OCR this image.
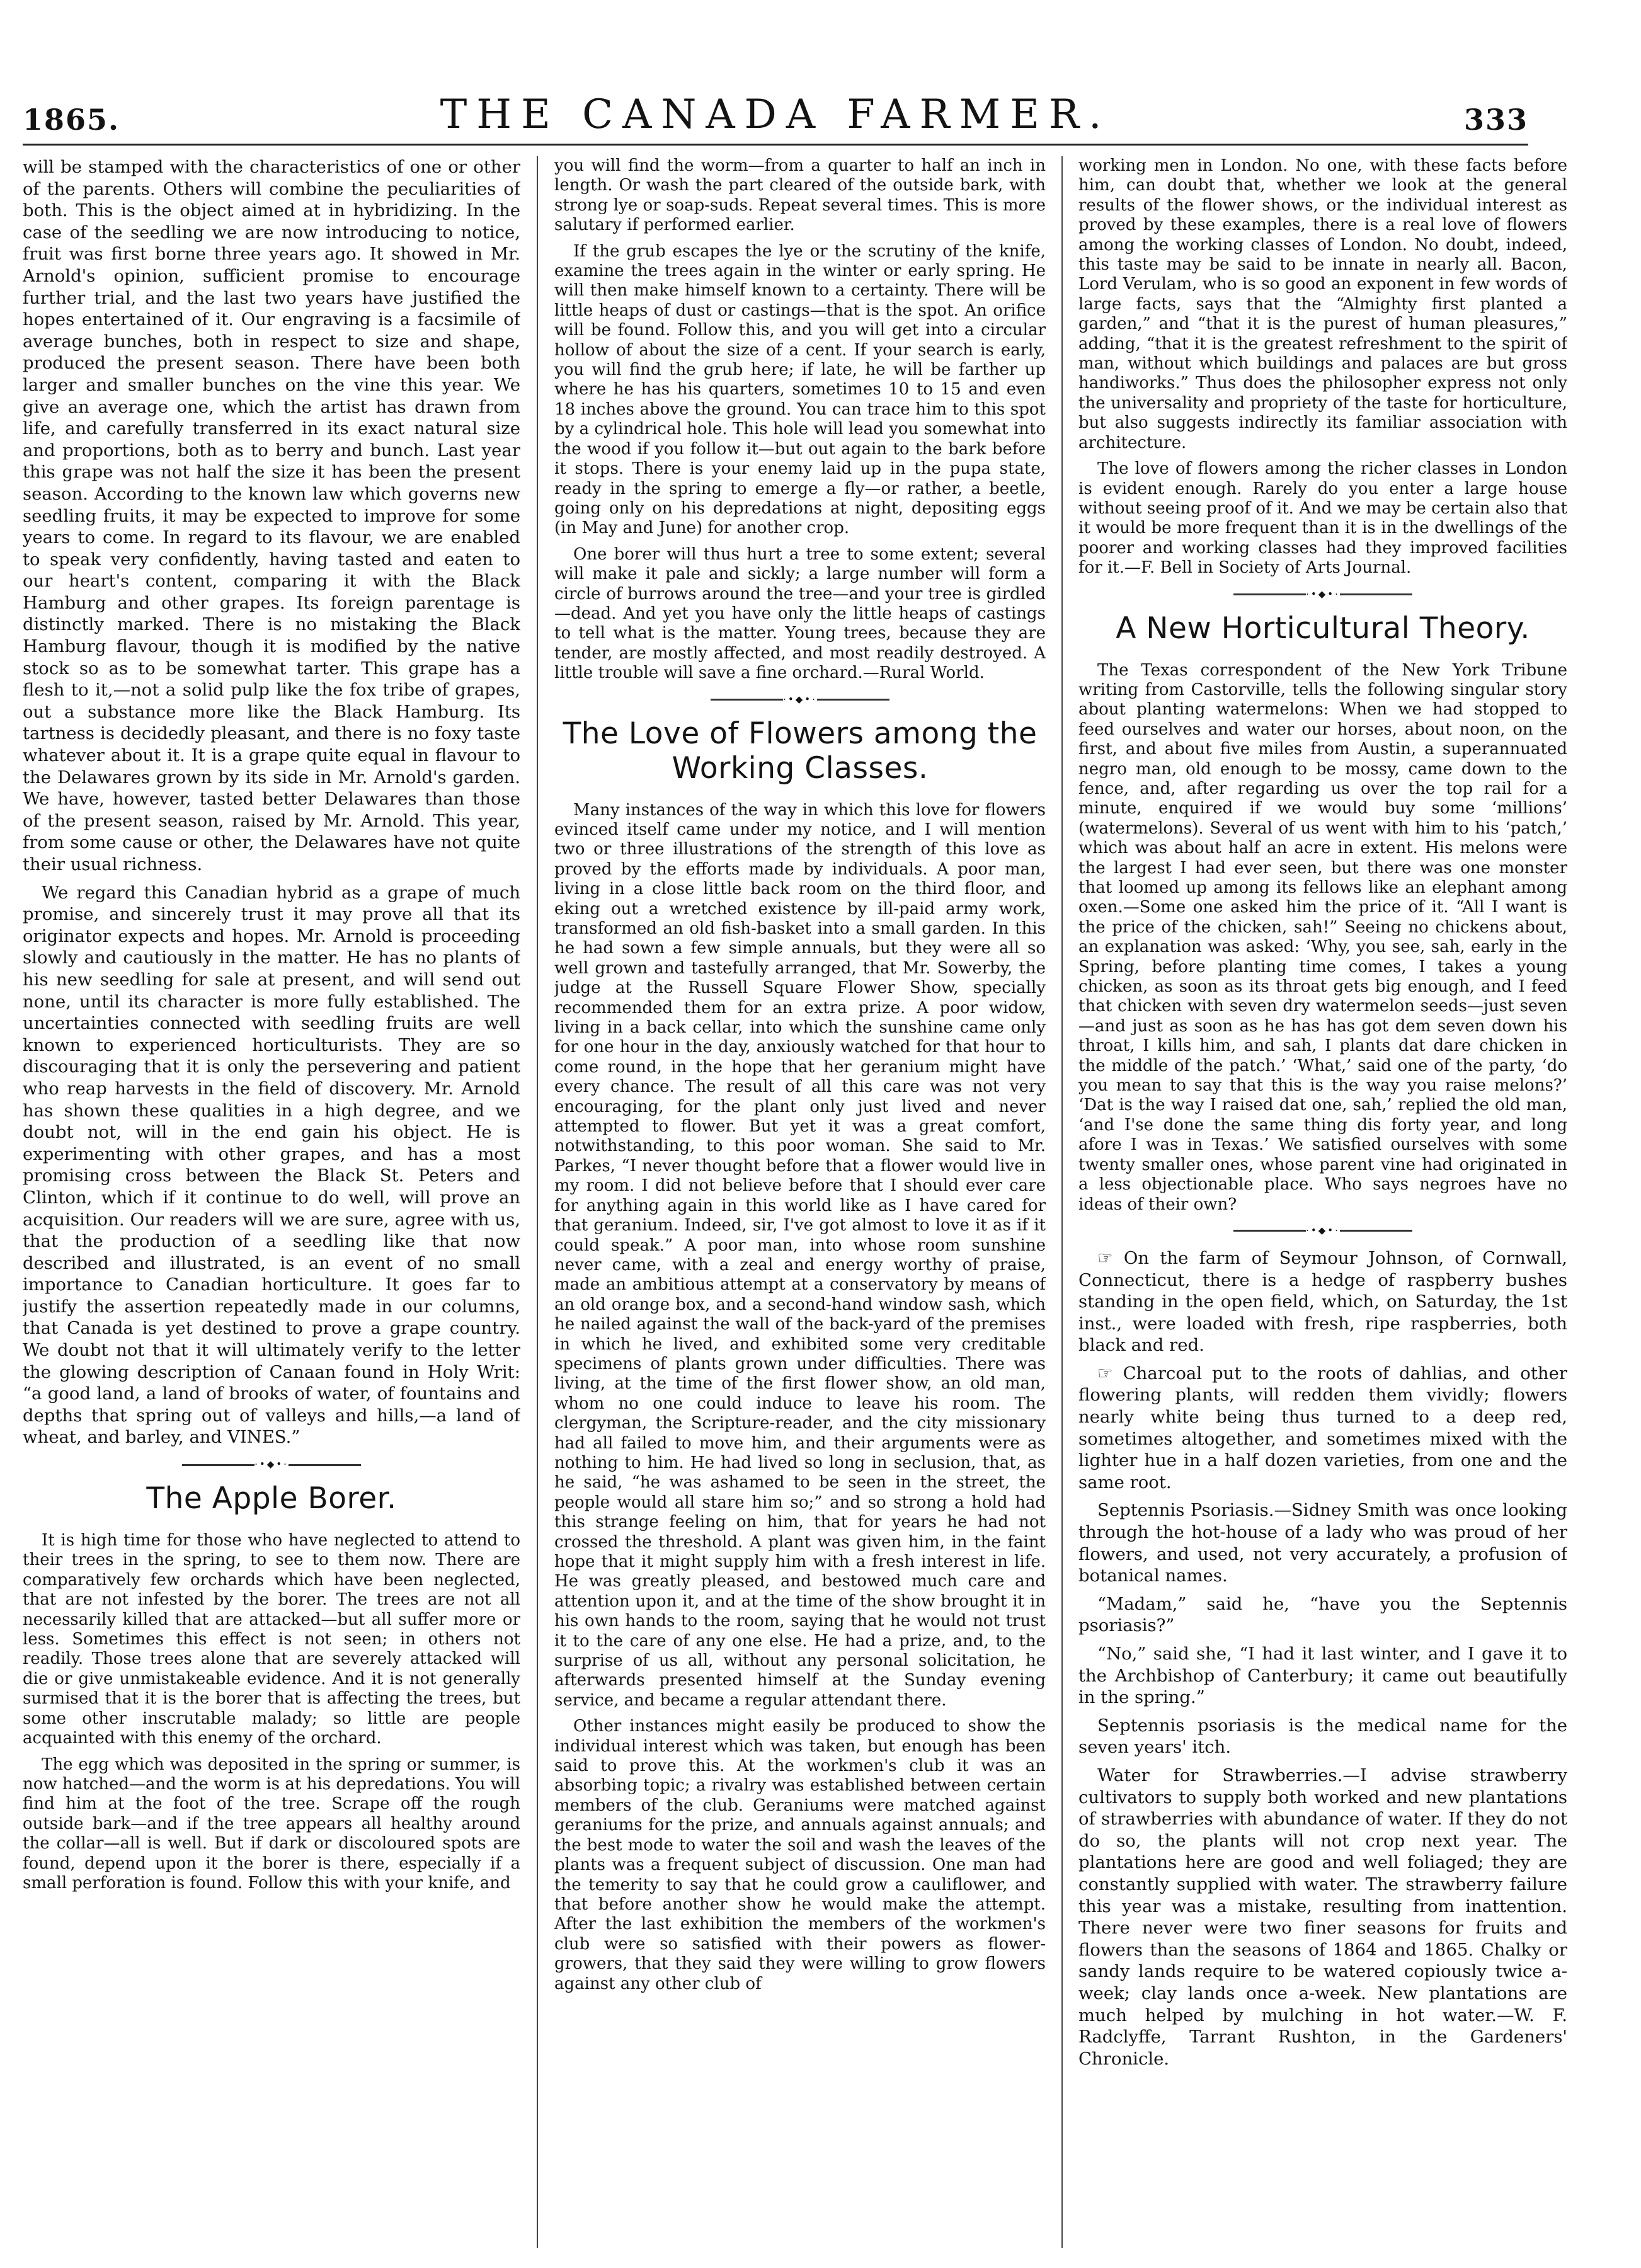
1865.	THE CANADA FARMER.	333

will be stamped with the characteristics of one or other of the parents. Others will combine the peculiarities of both. This is the object aimed at in hybridizing. In the case of the seedling we are now introducing to notice, fruit was first borne three years ago. It showed in Mr. Arnold's opinion, sufficient promise to encourage further trial, and the last two years have justified the hopes entertained of it. Our engraving is a facsimile of average bunches, both in respect to size and shape, produced the present season. There have been both larger and smaller bunches on the vine this year. We give an average one, which the artist has drawn from life, and carefully transferred in its exact natural size and proportions, both as to berry and bunch. Last year this grape was not half the size it has been the present season. According to the known law which governs new seedling fruits, it may be expected to improve for some years to come. In regard to its flavour, we are enabled to speak very confidently, having tasted and eaten to our heart's content, comparing it with the Black Hamburg and other grapes. Its foreign parentage is distinctly marked. There is no mistaking the Black Hamburg flavour, though it is modified by the native stock so as to be somewhat tarter. This grape has a flesh to it,—not a solid pulp like the fox tribe of grapes, out a substance more like the Black Hamburg. Its tartness is decidedly pleasant, and there is no foxy taste whatever about it. It is a grape quite equal in flavour to the Delawares grown by its side in Mr. Arnold's garden. We have, however, tasted better Delawares than those of the present season, raised by Mr. Arnold. This year, from some cause or other, the Delawares have not quite their usual richness.

We regard this Canadian hybrid as a grape of much promise, and sincerely trust it may prove all that its originator expects and hopes. Mr. Arnold is proceeding slowly and cautiously in the matter. He has no plants of his new seedling for sale at present, and will send out none, until its character is more fully established. The uncertainties connected with seedling fruits are well known to experienced horticulturists. They are so discouraging that it is only the persevering and patient who reap harvests in the field of discovery. Mr. Arnold has shown these qualities in a high degree, and we doubt not, will in the end gain his object. He is experimenting with other grapes, and has a most promising cross between the Black St. Peters and Clinton, which if it continue to do well, will prove an acquisition. Our readers will we are sure, agree with us, that the production of a seedling like that now described and illustrated, is an event of no small importance to Canadian horticulture. It goes far to justify the assertion repeatedly made in our columns, that Canada is yet destined to prove a grape country. We doubt not that it will ultimately verify to the letter the glowing description of Canaan found in Holy Writ: “a good land, a land of brooks of water, of fountains and depths that spring out of valleys and hills,—a land of wheat, and barley, and VINES.”

·•◆•·
The Apple Borer.

It is high time for those who have neglected to attend to their trees in the spring, to see to them now. There are comparatively few orchards which have been neglected, that are not infested by the borer. The trees are not all necessarily killed that are attacked—but all suffer more or less. Sometimes this effect is not seen; in others not readily. Those trees alone that are severely attacked will die or give unmistakeable evidence. And it is not generally surmised that it is the borer that is affecting the trees, but some other inscrutable malady; so little are people acquainted with this enemy of the orchard.

The egg which was deposited in the spring or summer, is now hatched—and the worm is at his depredations. You will find him at the foot of the tree. Scrape off the rough outside bark—and if the tree appears all healthy around the collar—all is well. But if dark or discoloured spots are found, depend upon it the borer is there, especially if a small perforation is found. Follow this with your knife, and

you will find the worm—from a quarter to half an inch in length. Or wash the part cleared of the outside bark, with strong lye or soap-suds. Repeat several times. This is more salutary if performed earlier.

If the grub escapes the lye or the scrutiny of the knife, examine the trees again in the winter or early spring. He will then make himself known to a certainty. There will be little heaps of dust or castings—that is the spot. An orifice will be found. Follow this, and you will get into a circular hollow of about the size of a cent. If your search is early, you will find the grub here; if late, he will be farther up where he has his quarters, sometimes 10 to 15 and even 18 inches above the ground. You can trace him to this spot by a cylindrical hole. This hole will lead you somewhat into the wood if you follow it—but out again to the bark before it stops. There is your enemy laid up in the pupa state, ready in the spring to emerge a fly—or rather, a beetle, going only on his depredations at night, depositing eggs (in May and June) for another crop.

One borer will thus hurt a tree to some extent; several will make it pale and sickly; a large number will form a circle of burrows around the tree—and your tree is girdled—dead. And yet you have only the little heaps of castings to tell what is the matter. Young trees, because they are tender, are mostly affected, and most readily destroyed. A little trouble will save a fine orchard.—Rural World.

·•◆•·
The Love of Flowers among the Working Classes.

Many instances of the way in which this love for flowers evinced itself came under my notice, and I will mention two or three illustrations of the strength of this love as proved by the efforts made by individuals. A poor man, living in a close little back room on the third floor, and eking out a wretched existence by ill-paid army work, transformed an old fish-basket into a small garden. In this he had sown a few simple annuals, but they were all so well grown and tastefully arranged, that Mr. Sowerby, the judge at the Russell Square Flower Show, specially recommended them for an extra prize. A poor widow, living in a back cellar, into which the sunshine came only for one hour in the day, anxiously watched for that hour to come round, in the hope that her geranium might have every chance. The result of all this care was not very encouraging, for the plant only just lived and never attempted to flower. But yet it was a great comfort, notwithstanding, to this poor woman. She said to Mr. Parkes, “I never thought before that a flower would live in my room. I did not believe before that I should ever care for anything again in this world like as I have cared for that geranium. Indeed, sir, I've got almost to love it as if it could speak.” A poor man, into whose room sunshine never came, with a zeal and energy worthy of praise, made an ambitious attempt at a conservatory by means of an old orange box, and a second-hand window sash, which he nailed against the wall of the back-yard of the premises in which he lived, and exhibited some very creditable specimens of plants grown under difficulties. There was living, at the time of the first flower show, an old man, whom no one could induce to leave his room. The clergyman, the Scripture-reader, and the city missionary had all failed to move him, and their arguments were as nothing to him. He had lived so long in seclusion, that, as he said, “he was ashamed to be seen in the street, the people would all stare him so;” and so strong a hold had this strange feeling on him, that for years he had not crossed the threshold. A plant was given him, in the faint hope that it might supply him with a fresh interest in life. He was greatly pleased, and bestowed much care and attention upon it, and at the time of the show brought it in his own hands to the room, saying that he would not trust it to the care of any one else. He had a prize, and, to the surprise of us all, without any personal solicitation, he afterwards presented himself at the Sunday evening service, and became a regular attendant there.

Other instances might easily be produced to show the individual interest which was taken, but enough has been said to prove this. At the workmen's club it was an absorbing topic; a rivalry was established between certain members of the club. Geraniums were matched against geraniums for the prize, and annuals against annuals; and the best mode to water the soil and wash the leaves of the plants was a frequent subject of discussion. One man had the temerity to say that he could grow a cauliflower, and that before another show he would make the attempt. After the last exhibition the members of the workmen's club were so satisfied with their powers as flower-growers, that they said they were willing to grow flowers against any other club of

working men in London. No one, with these facts before him, can doubt that, whether we look at the general results of the flower shows, or the individual interest as proved by these examples, there is a real love of flowers among the working classes of London. No doubt, indeed, this taste may be said to be innate in nearly all. Bacon, Lord Verulam, who is so good an exponent in few words of large facts, says that the “Almighty first planted a garden,” and “that it is the purest of human pleasures,” adding, “that it is the greatest refreshment to the spirit of man, without which buildings and palaces are but gross handiworks.” Thus does the philosopher express not only the universality and propriety of the taste for horticulture, but also suggests indirectly its familiar association with architecture.

The love of flowers among the richer classes in London is evident enough. Rarely do you enter a large house without seeing proof of it. And we may be certain also that it would be more frequent than it is in the dwellings of the poorer and working classes had they improved facilities for it.—F. Bell in Society of Arts Journal.

·•◆•·
A New Horticultural Theory.

The Texas correspondent of the New York Tribune writing from Castorville, tells the following singular story about planting watermelons: When we had stopped to feed ourselves and water our horses, about noon, on the first, and about five miles from Austin, a superannuated negro man, old enough to be mossy, came down to the fence, and, after regarding us over the top rail for a minute, enquired if we would buy some ‘millions’ (watermelons). Several of us went with him to his ‘patch,’ which was about half an acre in extent. His melons were the largest I had ever seen, but there was one monster that loomed up among its fellows like an elephant among oxen.—Some one asked him the price of it. “All I want is the price of the chicken, sah!” Seeing no chickens about, an explanation was asked: ‘Why, you see, sah, early in the Spring, before planting time comes, I takes a young chicken, as soon as its throat gets big enough, and I feed that chicken with seven dry watermelon seeds—just seven—and just as soon as he has has got dem seven down his throat, I kills him, and sah, I plants dat dare chicken in the middle of the patch.’ ‘What,’ said one of the party, ‘do you mean to say that this is the way you raise melons?’ ‘Dat is the way I raised dat one, sah,’ replied the old man, ‘and I'se done the same thing dis forty year, and long afore I was in Texas.’ We satisfied ourselves with some twenty smaller ones, whose parent vine had originated in a less objectionable place. Who says negroes have no ideas of their own?

·•◆•·

☞ On the farm of Seymour Johnson, of Cornwall, Connecticut, there is a hedge of raspberry bushes standing in the open field, which, on Saturday, the 1st inst., were loaded with fresh, ripe raspberries, both black and red.

☞ Charcoal put to the roots of dahlias, and other flowering plants, will redden them vividly; flowers nearly white being thus turned to a deep red, sometimes altogether, and sometimes mixed with the lighter hue in a half dozen varieties, from one and the same root.

Septennis Psoriasis.—Sidney Smith was once looking through the hot-house of a lady who was proud of her flowers, and used, not very accurately, a profusion of botanical names.

“Madam,” said he, “have you the Septennis psoriasis?”

“No,” said she, “I had it last winter, and I gave it to the Archbishop of Canterbury; it came out beautifully in the spring.”

Septennis psoriasis is the medical name for the seven years' itch.

Water for Strawberries.—I advise strawberry cultivators to supply both worked and new plantations of strawberries with abundance of water. If they do not do so, the plants will not crop next year. The plantations here are good and well foliaged; they are constantly supplied with water. The strawberry failure this year was a mistake, resulting from inattention. There never were two finer seasons for fruits and flowers than the seasons of 1864 and 1865. Chalky or sandy lands require to be watered copiously twice a-week; clay lands once a-week. New plantations are much helped by mulching in hot water.—W. F. Radclyffe, Tarrant Rushton, in the Gardeners' Chronicle.
